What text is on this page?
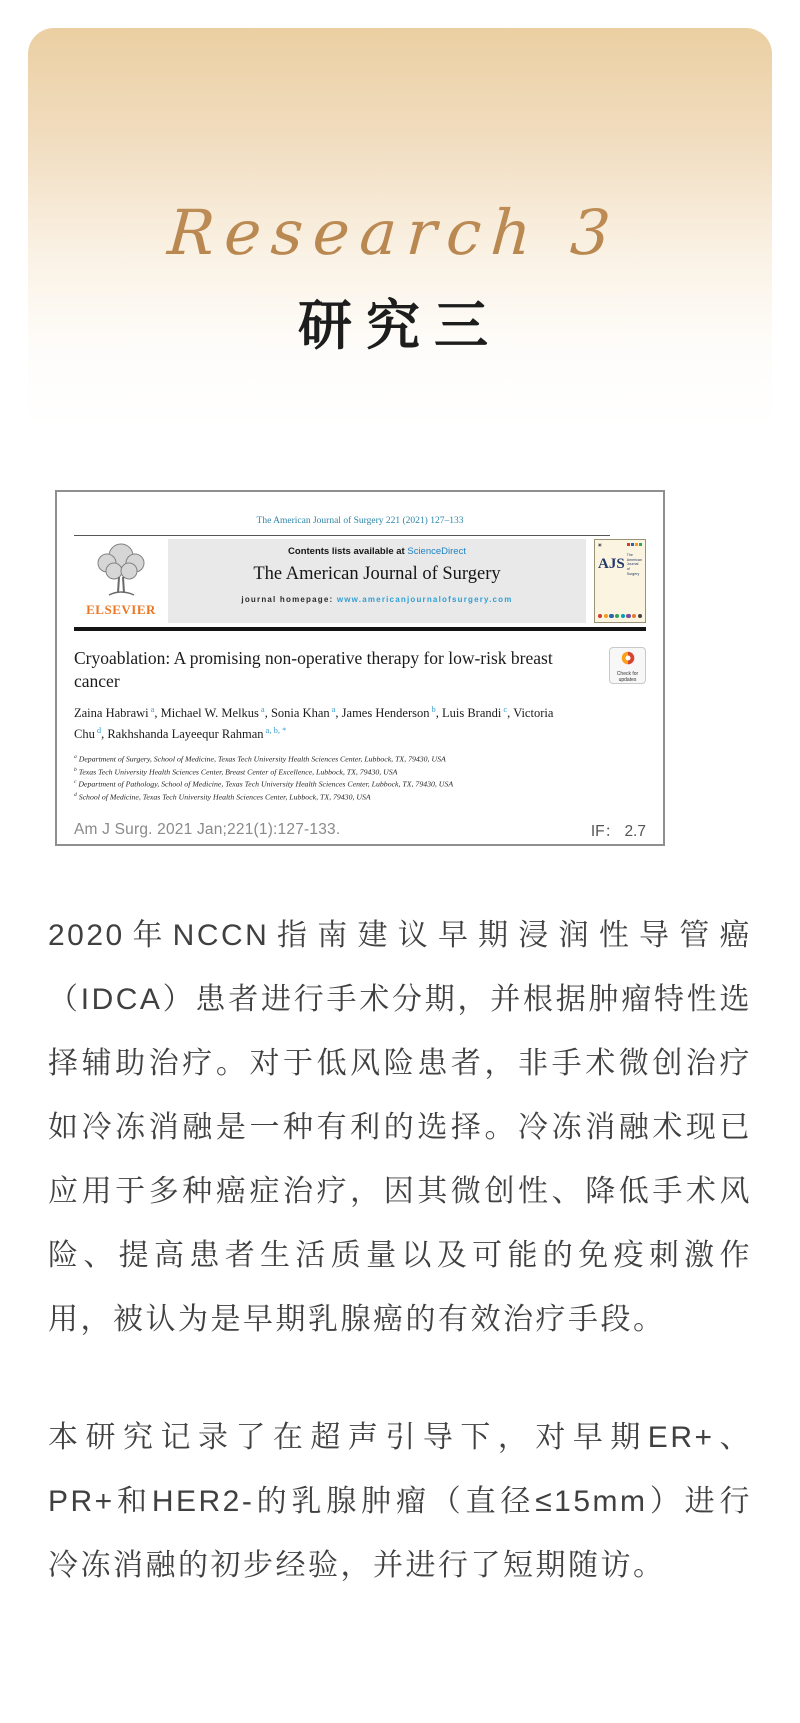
Research 3
研究三
The American Journal of Surgery 221 (2021) 127–133
ELSEVIER
Contents lists available at ScienceDirect
The American Journal of Surgery
journal homepage: www.americanjournalofsurgery.com
▣
AJS
The American Journal of Surgery
Cryoablation: A promising non-operative therapy for low-risk breast cancer	Check for updates
Zaina Habrawi $^a$, Michael W. Melkus $^a$, Sonia Khan $^a$, James Henderson $^b$, Luis Brandi $^c$, Victoria Chu $^d$, Rakhshanda Layeequr Rahman $^{a, b, *}$
$^a$ Department of Surgery, School of Medicine, Texas Tech University Health Sciences Center, Lubbock, TX, 79430, USA
$^b$ Texas Tech University Health Sciences Center, Breast Center of Excellence, Lubbock, TX, 79430, USA
$^c$ Department of Pathology, School of Medicine, Texas Tech University Health Sciences Center, Lubbock, TX, 79430, USA
$^d$ School of Medicine, Texas Tech University Health Sciences Center, Lubbock, TX, 79430, USA
Am J Surg. 2021 Jan;221(1):127-133.	IF： 2.7

2020年NCCN指南建议早期浸润性导管癌（IDCA）患者进行手术分期，并根据肿瘤特性选择辅助治疗。对于低风险患者，非手术微创治疗如冷冻消融是一种有利的选择。冷冻消融术现已应用于多种癌症治疗，因其微创性、降低手术风险、提高患者生活质量以及可能的免疫刺激作用，被认为是早期乳腺癌的有效治疗手段。

本研究记录了在超声引导下，对早期ER+、PR+和HER2-的乳腺肿瘤（直径≤15mm）进行冷冻消融的初步经验，并进行了短期随访。
